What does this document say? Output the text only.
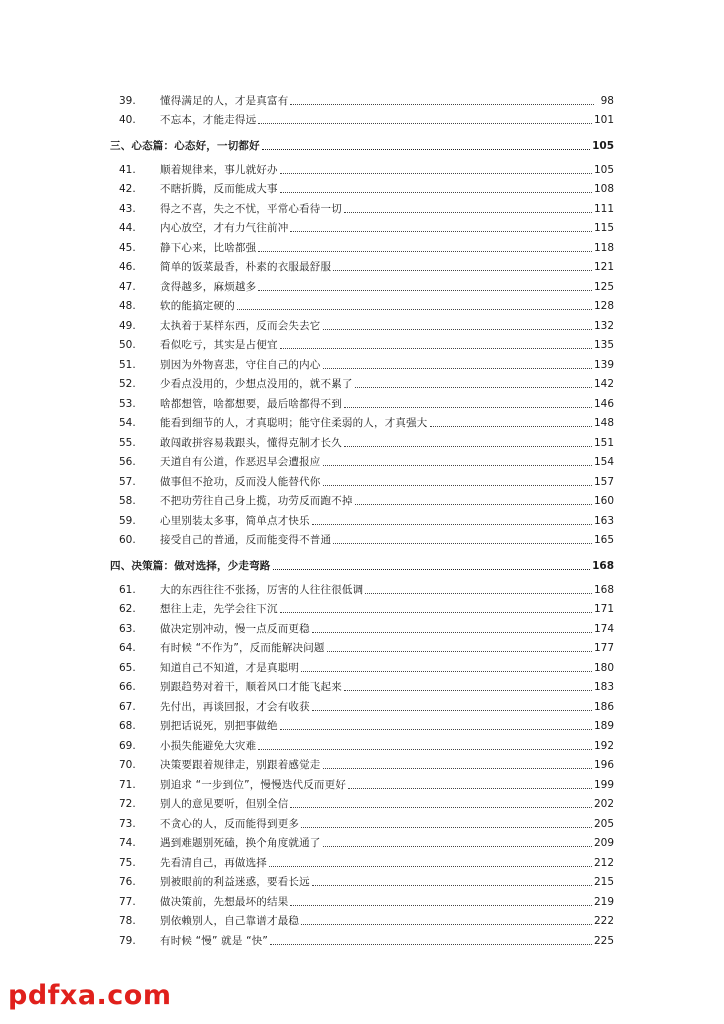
39.	懂得满足的人，才是真富有	98
40.	不忘本，才能走得远	101
三、心态篇：心态好，一切都好	105
41.	顺着规律来，事儿就好办	105
42.	不瞎折腾，反而能成大事	108
43.	得之不喜，失之不忧，平常心看待一切	111
44.	内心放空，才有力气往前冲	115
45.	静下心来，比啥都强	118
46.	简单的饭菜最香，朴素的衣服最舒服	121
47.	贪得越多，麻烦越多	125
48.	软的能搞定硬的	128
49.	太执着于某样东西，反而会失去它	132
50.	看似吃亏，其实是占便宜	135
51.	别因为外物喜悲，守住自己的内心	139
52.	少看点没用的，少想点没用的，就不累了	142
53.	啥都想管，啥都想要，最后啥都得不到	146
54.	能看到细节的人，才真聪明；能守住柔弱的人，才真强大	148
55.	敢闯敢拼容易栽跟头，懂得克制才长久	151
56.	天道自有公道，作恶迟早会遭报应	154
57.	做事但不抢功，反而没人能替代你	157
58.	不把功劳往自己身上揽，功劳反而跑不掉	160
59.	心里别装太多事，简单点才快乐	163
60.	接受自己的普通，反而能变得不普通	165
四、决策篇：做对选择，少走弯路	168
61.	大的东西往往不张扬，厉害的人往往很低调	168
62.	想往上走，先学会往下沉	171
63.	做决定别冲动，慢一点反而更稳	174
64.	有时候 “不作为”，反而能解决问题	177
65.	知道自己不知道，才是真聪明	180
66.	别跟趋势对着干，顺着风口才能飞起来	183
67.	先付出，再谈回报，才会有收获	186
68.	别把话说死，别把事做绝	189
69.	小损失能避免大灾难	192
70.	决策要跟着规律走，别跟着感觉走	196
71.	别追求 “一步到位”，慢慢迭代反而更好	199
72.	别人的意见要听，但别全信	202
73.	不贪心的人，反而能得到更多	205
74.	遇到难题别死磕，换个角度就通了	209
75.	先看清自己，再做选择	212
76.	别被眼前的利益迷惑，要看长远	215
77.	做决策前，先想最坏的结果	219
78.	别依赖别人，自己靠谱才最稳	222
79.	有时候 “慢” 就是 “快”	225
pdfxa.com
